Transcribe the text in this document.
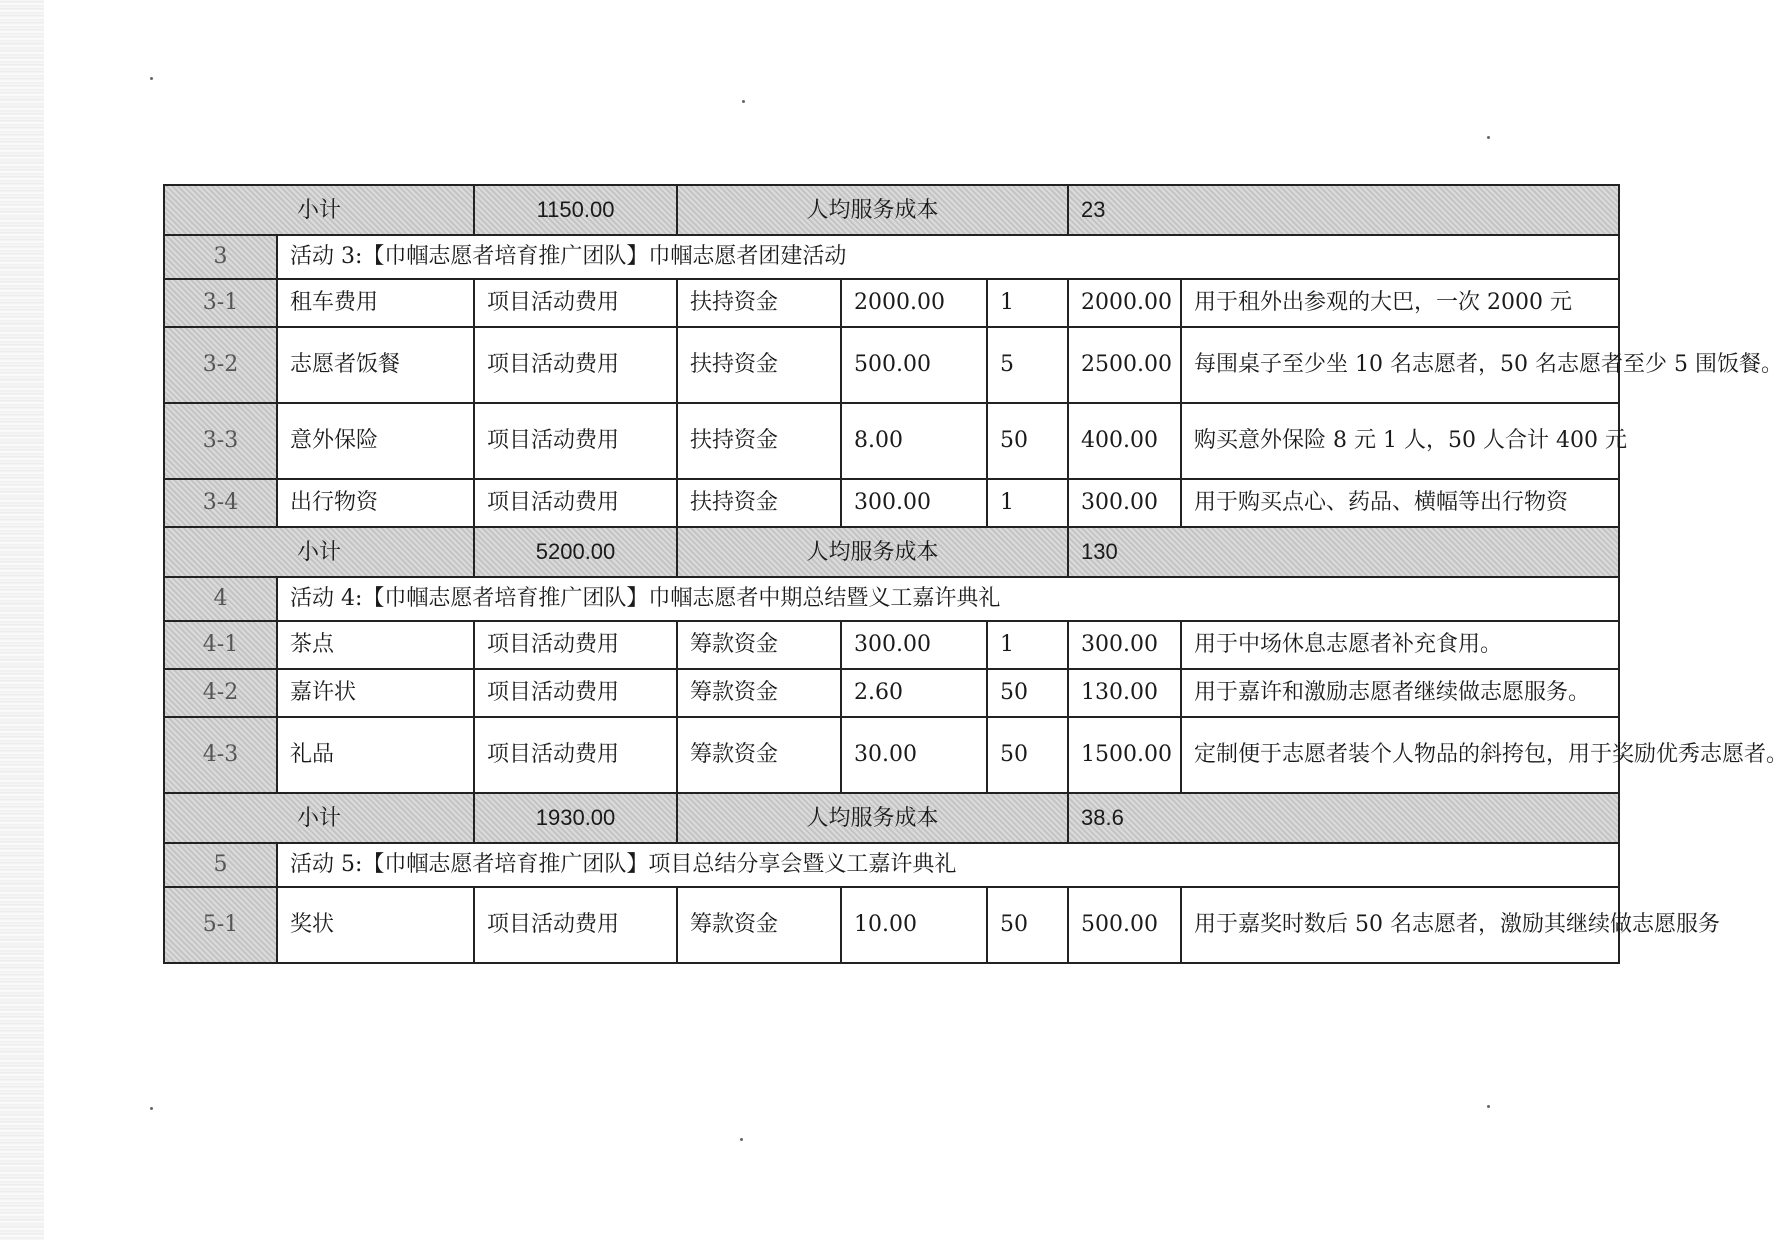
小计		1150.00	人均服务成本			23	
3	活动 3:【巾帼志愿者培育推广团队】巾帼志愿者团建活动						
3-1	租车费用	项目活动费用	扶持资金	2000.00	1	2000.00	用于租外出参观的大巴，一次 2000 元
3-2	志愿者饭餐	项目活动费用	扶持资金	500.00	5	2500.00	每围桌子至少坐 10 名志愿者，50 名志愿者至少 5 围饭餐。
3-3	意外保险	项目活动费用	扶持资金	8.00	50	400.00	购买意外保险 8 元 1 人，50 人合计 400 元
3-4	出行物资	项目活动费用	扶持资金	300.00	1	300.00	用于购买点心、药品、横幅等出行物资
小计		5200.00	人均服务成本			130	
4	活动 4:【巾帼志愿者培育推广团队】巾帼志愿者中期总结暨义工嘉许典礼						
4-1	茶点	项目活动费用	筹款资金	300.00	1	300.00	用于中场休息志愿者补充食用。
4-2	嘉许状	项目活动费用	筹款资金	2.60	50	130.00	用于嘉许和激励志愿者继续做志愿服务。
4-3	礼品	项目活动费用	筹款资金	30.00	50	1500.00	定制便于志愿者装个人物品的斜挎包，用于奖励优秀志愿者。
小计		1930.00	人均服务成本			38.6	
5	活动 5:【巾帼志愿者培育推广团队】项目总结分享会暨义工嘉许典礼						
5-1	奖状	项目活动费用	筹款资金	10.00	50	500.00	用于嘉奖时数后 50 名志愿者，激励其继续做志愿服务
